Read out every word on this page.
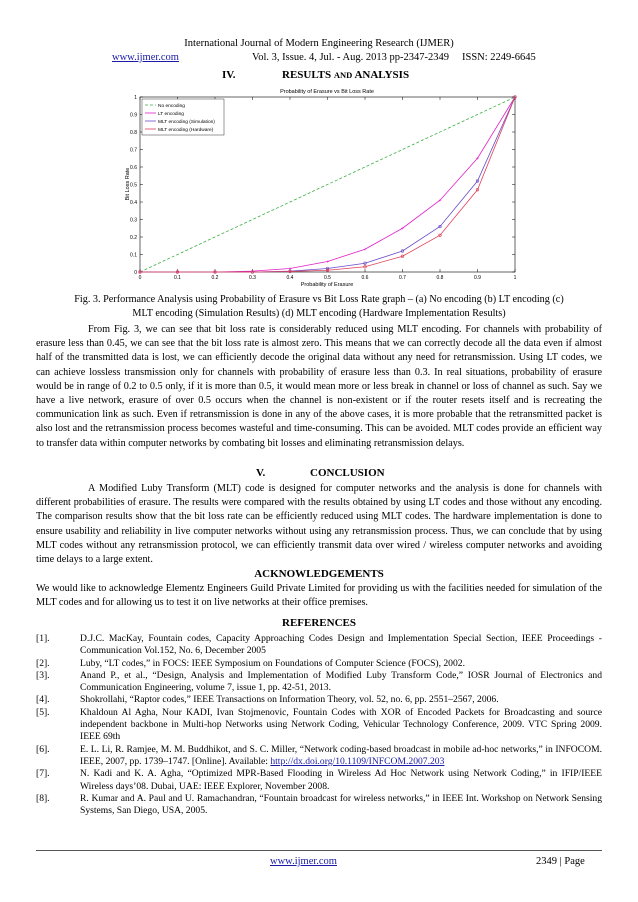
International Journal of Modern Engineering Research (IJMER)
www.ijmer.com	Vol. 3, Issue. 4, Jul. - Aug. 2013 pp-2347-2349 ISSN: 2249-6645
IV.	RESULTS AND ANALYSIS
Probability of Erasure vs Bit Loss Rate
0	0.1	0.2	0.3	0.4	0.5	0.6	0.7	0.8	0.9	1
0
0.1
0.2
0.3
0.4
0.5
0.6
0.7
0.8
0.9
1
+	+	+	+	+
+
+
+
+
+
+
Probability of Erasure
Bit Loss Rate
No encoding
LT encoding
MLT encoding (Simulation)
MLT encoding (Hardware)
Fig. 3. Performance Analysis using Probability of Erasure vs Bit Loss Rate graph – (a) No encoding (b) LT encoding (c)
MLT encoding (Simulation Results) (d) MLT encoding (Hardware Implementation Results)
From Fig. 3, we can see that bit loss rate is considerably reduced using MLT encoding. For channels with probability of erasure less than 0.45, we can see that the bit loss rate is almost zero. This means that we can correctly decode all the data even if almost half of the transmitted data is lost, we can efficiently decode the original data without any need for retransmission. Using LT codes, we can achieve lossless transmission only for channels with probability of erasure less than 0.3. In real situations, probability of erasure would be in range of 0.2 to 0.5 only, if it is more than 0.5, it would mean more or less break in channel or loss of channel as such. Say we have a live network, erasure of over 0.5 occurs when the channel is non-existent or if the router resets itself and is recreating the communication link as such. Even if retransmission is done in any of the above cases, it is more probable that the retransmitted packet is also lost and the retransmission process becomes wasteful and time-consuming. This can be avoided. MLT codes provide an efficient way to transfer data within computer networks by combating bit losses and eliminating retransmission delays.
V.	CONCLUSION
A Modified Luby Transform (MLT) code is designed for computer networks and the analysis is done for channels with different probabilities of erasure. The results were compared with the results obtained by using LT codes and those without any encoding. The comparison results show that the bit loss rate can be efficiently reduced using MLT codes. The hardware implementation is done to ensure usability and reliability in live computer networks without using any retransmission process. Thus, we can conclude that by using MLT codes without any retransmission protocol, we can efficiently transmit data over wired / wireless computer networks and avoiding time delays to a large extent.
ACKNOWLEDGEMENTS
We would like to acknowledge Elementz Engineers Guild Private Limited for providing us with the facilities needed for simulation of the MLT codes and for allowing us to test it on live networks at their office premises.
REFERENCES
[1].	D.J.C. MacKay, Fountain codes, Capacity Approaching Codes Design and Implementation Special Section, IEEE Proceedings - Communication Vol.152, No. 6, December 2005
[2].	Luby, “LT codes,” in FOCS: IEEE Symposium on Foundations of Computer Science (FOCS), 2002.
[3].	Anand P., et al., “Design, Analysis and Implementation of Modified Luby Transform Code,” IOSR Journal of Electronics and Communication Engineering, volume 7, issue 1, pp. 42-51, 2013.
[4].	Shokrollahi, “Raptor codes,” IEEE Transactions on Information Theory, vol. 52, no. 6, pp. 2551–2567, 2006.
[5].	Khaldoun Al Agha, Nour KADI, Ivan Stojmenovic, Fountain Codes with XOR of Encoded Packets for Broadcasting and source independent backbone in Multi-hop Networks using Network Coding, Vehicular Technology Conference, 2009. VTC Spring 2009. IEEE 69th
[6].	E. L. Li, R. Ramjee, M. M. Buddhikot, and S. C. Miller, “Network coding-based broadcast in mobile ad-hoc networks,” in INFOCOM. IEEE, 2007, pp. 1739–1747. [Online]. Available: http://dx.doi.org/10.1109/INFCOM.2007.203
[7].	N. Kadi and K. A. Agha, “Optimized MPR-Based Flooding in Wireless Ad Hoc Network using Network Coding,” in IFIP/IEEE Wireless days’08. Dubai, UAE: IEEE Explorer, November 2008.
[8].	R. Kumar and A. Paul and U. Ramachandran, “Fountain broadcast for wireless networks,” in IEEE Int. Workshop on Network Sensing Systems, San Diego, USA, 2005.
www.ijmer.com	2349 | Page
